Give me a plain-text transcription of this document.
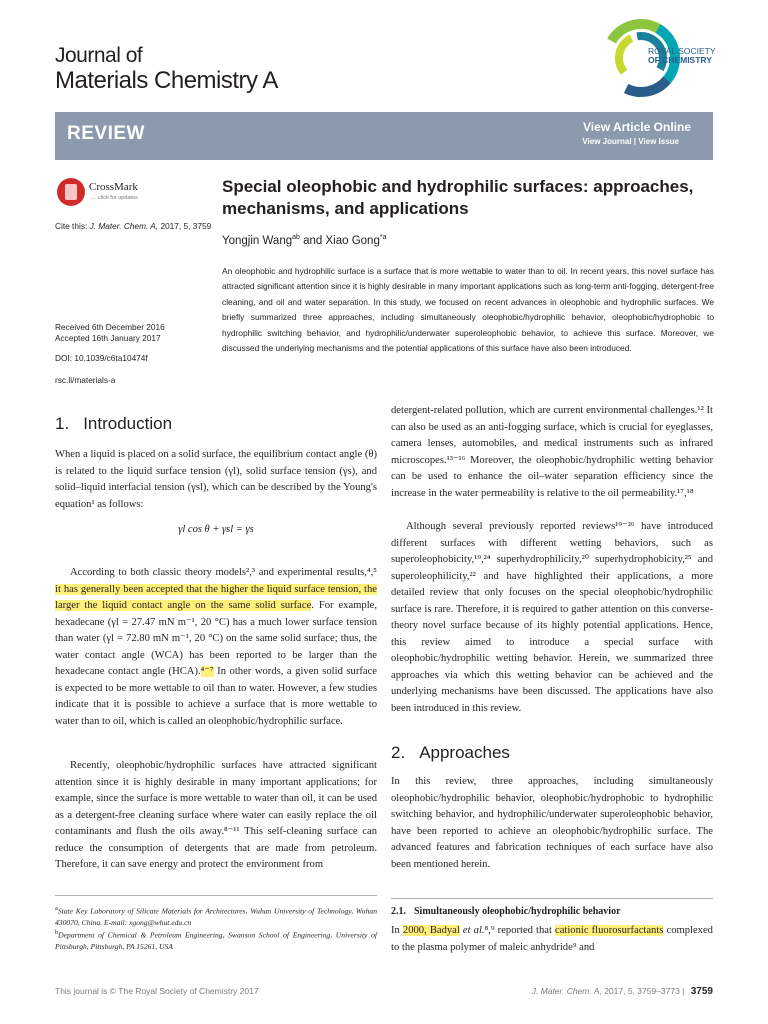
Journal of
Materials Chemistry A
ROYAL SOCIETY
OF CHEMISTRY
REVIEW	View Article Online
View Journal | View Issue
CrossMark
← click for updates
Cite this: J. Mater. Chem. A, 2017, 5, 3759
Received 6th December 2016
Accepted 16th January 2017
DOI: 10.1039/c6ta10474f
rsc.li/materials-a
Special oleophobic and hydrophilic surfaces: approaches, mechanisms, and applications
Yongjin Wang$^{ab}$ and Xiao Gong$^{*a}$
An oleophobic and hydrophilic surface is a surface that is more wettable to water than to oil. In recent years, this novel surface has attracted significant attention since it is highly desirable in many important applications such as long-term anti-fogging, detergent-free cleaning, and oil and water separation. In this study, we focused on recent advances in oleophobic and hydrophilic surfaces. We briefly summarized three approaches, including simultaneously oleophobic/hydrophilic behavior, oleophobic/hydrophobic to hydrophilic switching behavior, and hydrophilic/underwater superoleophobic behavior, to achieve this surface. Moreover, we discussed the underlying mechanisms and the potential applications of this surface have also been introduced.
1. Introduction
When a liquid is placed on a solid surface, the equilibrium contact angle (θ) is related to the liquid surface tension (γl), solid surface tension (γs), and solid–liquid interfacial tension (γsl), which can be described by the Young's equation¹ as follows:
γl cos θ + γsl = γs

According to both classic theory models²,³ and experimental results,⁴,⁵ it has generally been accepted that the higher the liquid surface tension, the larger the liquid contact angle on the same solid surface. For example, hexadecane (γl = 27.47 mN m⁻¹, 20 °C) has a much lower surface tension than water (γl = 72.80 mN m⁻¹, 20 °C) on the same solid surface; thus, the water contact angle (WCA) has been reported to be larger than the hexadecane contact angle (HCA).⁴⁻⁷ In other words, a given solid surface is expected to be more wettable to oil than to water. However, a few studies indicate that it is possible to achieve a surface that is more wettable to water than to oil, which is called an oleophobic/hydrophilic surface.

Recently, oleophobic/hydrophilic surfaces have attracted significant attention since it is highly desirable in many important applications; for example, since the surface is more wettable to water than oil, it can be used as a detergent-free cleaning surface where water can easily replace the oil contaminants and flush the oils away.⁸⁻¹¹ This self-cleaning surface can reduce the consumption of detergents that are made from petroleum. Therefore, it can save energy and protect the environment from

$^a$State Key Laboratory of Silicate Materials for Architectures, Wuhan University of Technology, Wuhan 430070, China. E-mail: xgong@whut.edu.cn
$^b$Department of Chemical & Petroleum Engineering, Swanson School of Engineering, University of Pittsburgh, Pittsburgh, PA 15261, USA
detergent-related pollution, which are current environmental challenges.¹² It can also be used as an anti-fogging surface, which is crucial for eyeglasses, camera lenses, automobiles, and medical instruments such as infrared microscopes.¹³⁻¹⁶ Moreover, the oleophobic/hydrophilic wetting behavior can be used to enhance the oil–water separation efficiency since the increase in the water permeability is relative to the oil permeability.¹⁷,¹⁸

Although several previously reported reviews¹⁹⁻²⁶ have introduced different surfaces with different wetting behaviors, such as superoleophobicity,¹⁹,²⁴ superhydrophilicity,²⁰ superhydrophobicity,²⁵ and superoleophilicity,²² and have highlighted their applications, a more detailed review that only focuses on the special oleophobic/hydrophilic surface is rare. Therefore, it is required to gather attention on this converse-theory novel surface because of its highly potential applications. Hence, this review aimed to introduce a special surface with oleophobic/hydrophilic wetting behavior. Herein, we summarized three approaches via which this wetting behavior can be achieved and the underlying mechanisms have been discussed. The applications have also been introduced in this review.

2. Approaches
In this review, three approaches, including simultaneously oleophobic/hydrophilic behavior, oleophobic/hydrophobic to hydrophilic switching behavior, and hydrophilic/underwater superoleophobic behavior, have been reported to achieve an oleophobic/hydrophilic surface. The advanced features and fabrication techniques of each surface have also been mentioned herein.
2.1. Simultaneously oleophobic/hydrophilic behavior

In 2000, Badyal et al.⁸,⁹ reported that cationic fluorosurfactants complexed to the plasma polymer of maleic anhydride⁹ and

This journal is © The Royal Society of Chemistry 2017	J. Mater. Chem. A, 2017, 5, 3759–3773 | 3759
